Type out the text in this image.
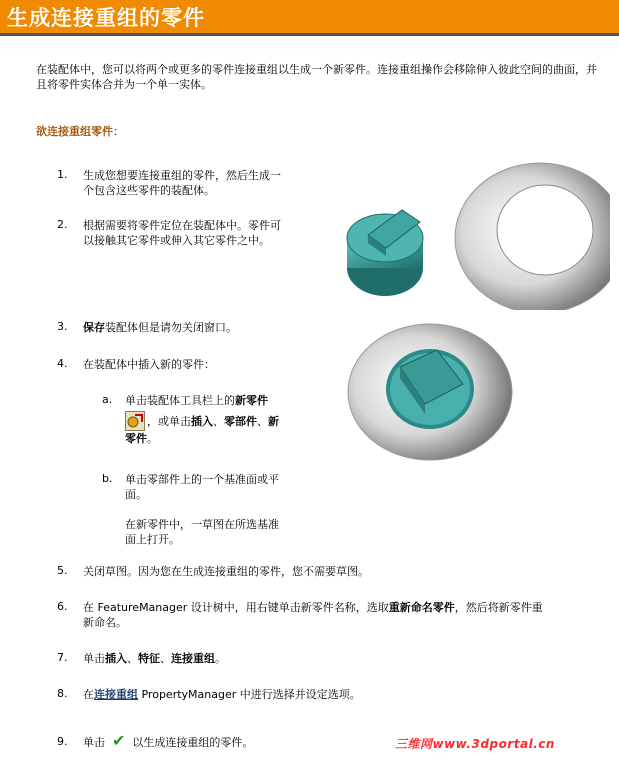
生成连接重组的零件
在装配体中，您可以将两个或更多的零件连接重组以生成一个新零件。连接重组操作会移除伸入彼此空间的曲面，并且将零件实体合并为一个单一实体。
欲连接重组零件：
1. 生成您想要连接重组的零件，然后生成一
个包含这些零件的装配体。
2. 根据需要将零件定位在装配体中。零件可
以接触其它零件或伸入其它零件之中。
3. 保存装配体但是请勿关闭窗口。
4. 在装配体中插入新的零件：
a. 单击装配体工具栏上的新零件
，或单击插入、零部件、新
零件。
b. 单击零部件上的一个基准面或平
面。
在新零件中，一草图在所选基准
面上打开。
5. 关闭草图。因为您在生成连接重组的零件，您不需要草图。
6. 在 FeatureManager 设计树中，用右键单击新零件名称，选取重新命名零件，然后将新零件重
新命名。
7. 单击插入、特征、连接重组。
8. 在连接重组 PropertyManager 中进行选择并设定选项。
9. 单击 ✔ 以生成连接重组的零件。	三维网www.3dportal.cn
